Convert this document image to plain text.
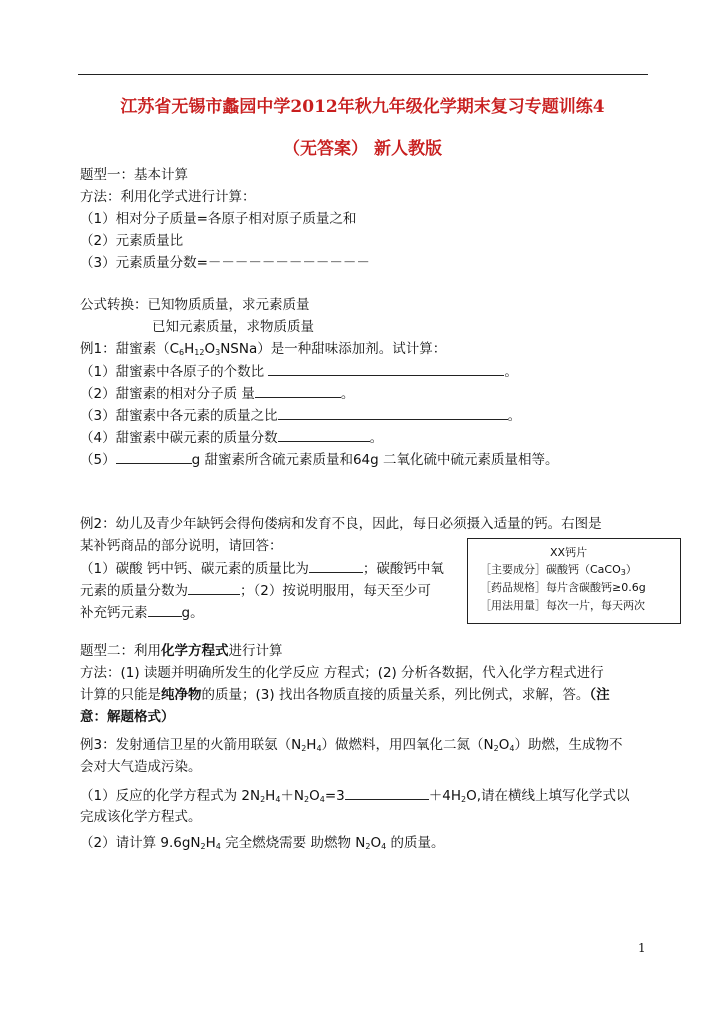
江苏省无锡市蠡园中学2012年秋九年级化学期末复习专题训练4
（无答案） 新人教版
题型一：基本计算
方法：利用化学式进行计算：
（1）相对分子质量=各原子相对原子质量之和
（2）元素质量比
（3）元素质量分数=－－－－－－－－－－－－
公式转换：已知物质质量，求元素质量
已知元素质量，求物质质量
例1：甜蜜素$(C_6H_{12}O_3NSNa)$是一种甜味添加剂。试计算：
（1）甜蜜素中各原子的个数比	。
（2）甜蜜素的相对分子质 量	。
（3）甜蜜素中各元素的质量之比	。
（4）甜蜜素中碳元素的质量分数	。
（5）	g 甜蜜素所含硫元素质量和64g 二氧化硫中硫元素质量相等。
例2：幼儿及青少年缺钙会得佝偻病和发育不良，因此，每日必须摄入适量的钙。右图是
某补钙商品的部分说明，请回答：
（1）碳酸 钙中钙、碳元素的质量比为	；碳酸钙中氧
元素的质量分数为	；（2）按说明服用，每天至少可
补充钙元素	g。
XX钙片
［主要成分］碳酸钙（CaCO$_3$）
［药品规格］每片含碳酸钙≥0.6g
［用法用量］每次一片，每天两次
题型二：利用化学方程式进行计算
方法：(1) 读题并明确所发生的化学反应 方程式；(2) 分析各数据，代入化学方程式进行
计算的只能是纯净物的质量；(3) 找出各物质直接的质量关系，列比例式，求解，答。（注
意：解题格式）
例3：发射通信卫星的火箭用联氨$(N_2H_4)$做燃料，用四氧化二氮$(N_2O_4)$助燃，生成物不
会对大气造成污染。
（1）反应的化学方程式为 $2N_2H_4+N_2O_4=3$	$+4H_2O$,请在横线上填写化学式以
完成该化学方程式。
（2）请计算 $9.6gN_2H_4$ 完全燃烧需要 助燃物 $N_2O_4$ 的质量。
1
